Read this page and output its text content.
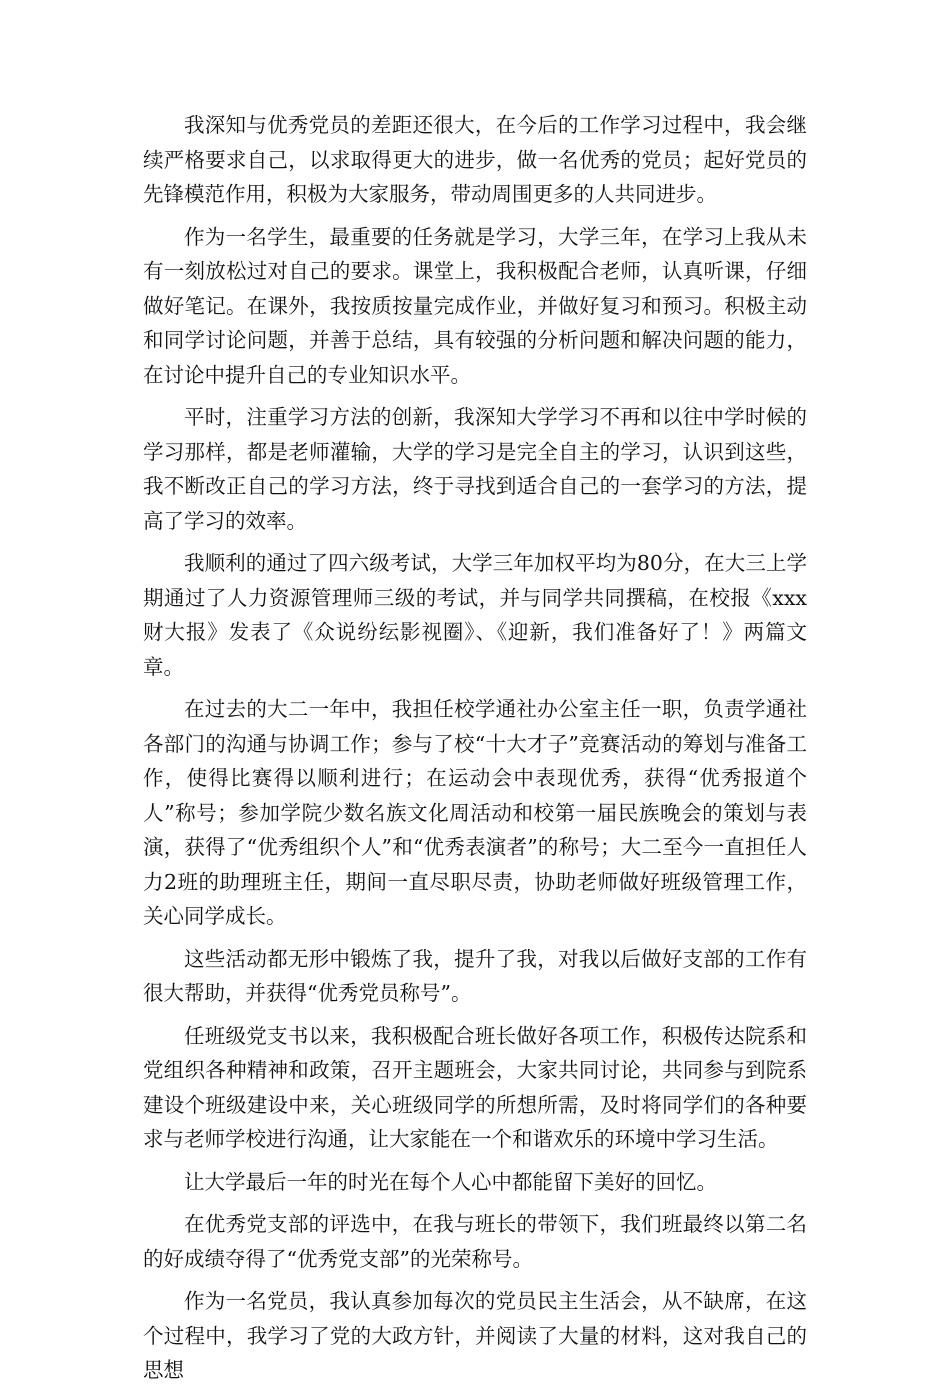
我深知与优秀党员的差距还很大，在今后的工作学习过程中，我会继续严格要求自己，以求取得更大的进步，做一名优秀的党员；起好党员的先锋模范作用，积极为大家服务，带动周围更多的人共同进步。

作为一名学生，最重要的任务就是学习，大学三年，在学习上我从未有一刻放松过对自己的要求。课堂上，我积极配合老师，认真听课，仔细做好笔记。在课外，我按质按量完成作业，并做好复习和预习。积极主动和同学讨论问题，并善于总结，具有较强的分析问题和解决问题的能力，在讨论中提升自己的专业知识水平。

平时，注重学习方法的创新，我深知大学学习不再和以往中学时候的学习那样，都是老师灌输，大学的学习是完全自主的学习，认识到这些，我不断改正自己的学习方法，终于寻找到适合自己的一套学习的方法，提高了学习的效率。

我顺利的通过了四六级考试，大学三年加权平均为80分，在大三上学期通过了人力资源管理师三级的考试，并与同学共同撰稿，在校报《xxx财大报》发表了《众说纷纭影视圈》、《迎新，我们准备好了！》两篇文章。

在过去的大二一年中，我担任校学通社办公室主任一职，负责学通社各部门的沟通与协调工作；参与了校“十大才子”竞赛活动的筹划与准备工作，使得比赛得以顺利进行；在运动会中表现优秀，获得“优秀报道个人”称号；参加学院少数名族文化周活动和校第一届民族晚会的策划与表演，获得了“优秀组织个人”和“优秀表演者”的称号；大二至今一直担任人力2班的助理班主任，期间一直尽职尽责，协助老师做好班级管理工作，关心同学成长。

这些活动都无形中锻炼了我，提升了我，对我以后做好支部的工作有很大帮助，并获得“优秀党员称号”。

任班级党支书以来，我积极配合班长做好各项工作，积极传达院系和党组织各种精神和政策，召开主题班会，大家共同讨论，共同参与到院系建设个班级建设中来，关心班级同学的所想所需，及时将同学们的各种要求与老师学校进行沟通，让大家能在一个和谐欢乐的环境中学习生活。

让大学最后一年的时光在每个人心中都能留下美好的回忆。

在优秀党支部的评选中，在我与班长的带领下，我们班最终以第二名的好成绩夺得了“优秀党支部”的光荣称号。

作为一名党员，我认真参加每次的党员民主生活会，从不缺席，在这个过程中，我学习了党的大政方针，并阅读了大量的材料，这对我自己的思想
